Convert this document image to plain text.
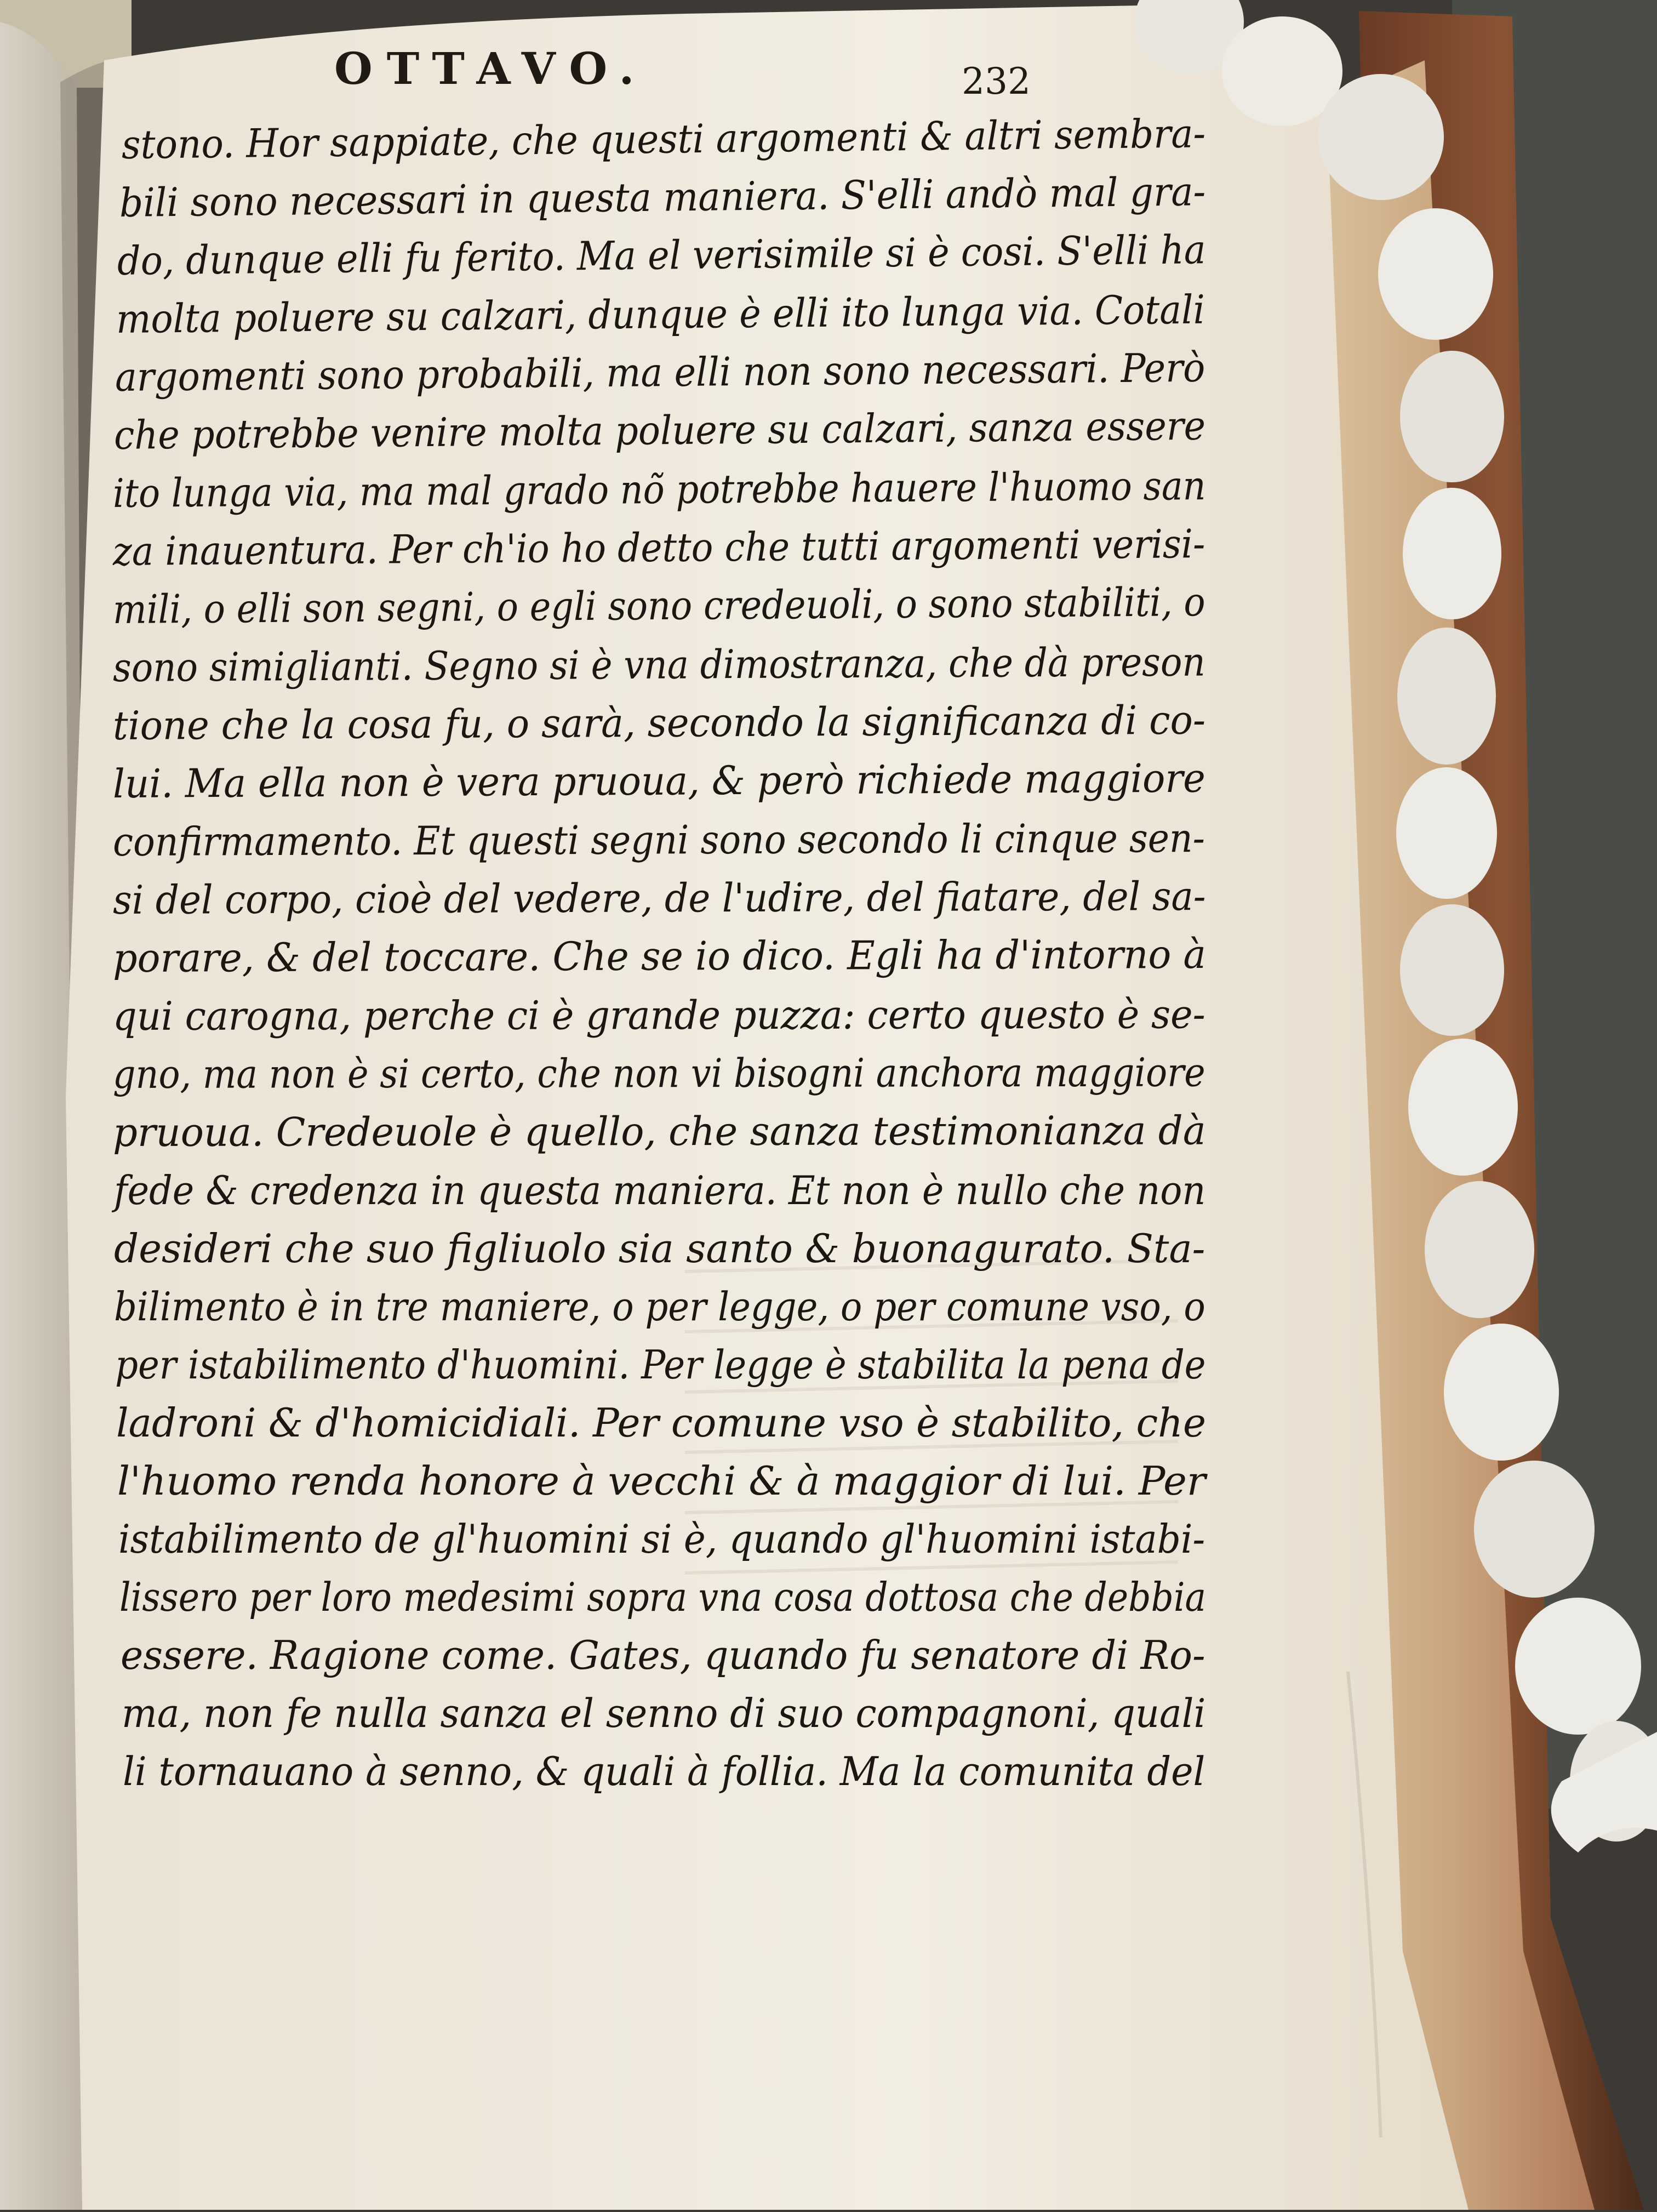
OTTAVO.	232
stono. Hor sappiate, che questi argomenti & altri sembra-
bili sono necessari in questa maniera. S'elli andò mal gra-
do, dunque elli fu ferito. Ma el verisimile si è cosi. S'elli ha
molta poluere su calzari, dunque è elli ito lunga via. Cotali
argomenti sono probabili, ma elli non sono necessari. Però
che potrebbe venire molta poluere su calzari, sanza essere
ito lunga via, ma mal grado nõ potrebbe hauere l'huomo san
za inauentura. Per ch'io ho detto che tutti argomenti verisi-
mili, o elli son segni, o egli sono credeuoli, o sono stabiliti, o
sono simiglianti. Segno si è vna dimostranza, che dà preson
tione che la cosa fu, o sarà, secondo la significanza di co-
lui. Ma ella non è vera pruoua, & però richiede maggiore
confirmamento. Et questi segni sono secondo li cinque sen-
si del corpo, cioè del vedere, de l'udire, del fiatare, del sa-
porare, & del toccare. Che se io dico. Egli ha d'intorno à
qui carogna, perche ci è grande puzza: certo questo è se-
gno, ma non è si certo, che non vi bisogni anchora maggiore
pruoua. Credeuole è quello, che sanza testimonianza dà
fede & credenza in questa maniera. Et non è nullo che non
desideri che suo figliuolo sia santo & buonagurato. Sta-
bilimento è in tre maniere, o per legge, o per comune vso, o
per istabilimento d'huomini. Per legge è stabilita la pena de
ladroni & d'homicidiali. Per comune vso è stabilito, che
l'huomo renda honore à vecchi & à maggior di lui. Per
istabilimento de gl'huomini si è, quando gl'huomini istabi-
lissero per loro medesimi sopra vna cosa dottosa che debbia
essere. Ragione come. Gates, quando fu senatore di Ro-
ma, non fe nulla sanza el senno di suo compagnoni, quali
li tornauano à senno, & quali à follia. Ma la comunita del
